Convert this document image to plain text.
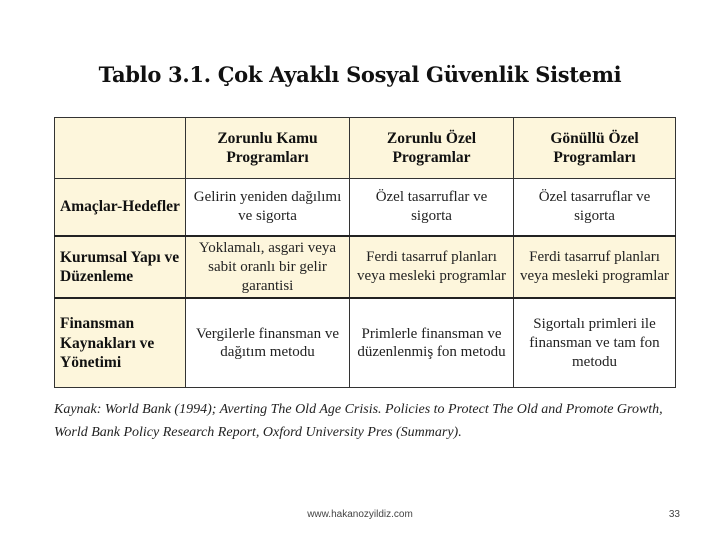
Tablo 3.1. Çok Ayaklı Sosyal Güvenlik Sistemi
	Zorunlu Kamu Programları	Zorunlu Özel Programlar	Gönüllü Özel Programları
Amaçlar-Hedefler	Gelirin yeniden dağılımı ve sigorta	Özel tasarruflar ve sigorta	Özel tasarruflar ve sigorta
Kurumsal Yapı ve Düzenleme	Yoklamalı, asgari veya sabit oranlı bir gelir garantisi	Ferdi tasarruf planları veya mesleki programlar	Ferdi tasarruf planları veya mesleki programlar
Finansman Kaynakları ve Yönetimi	Vergilerle finansman ve dağıtım metodu	Primlerle finansman ve düzenlenmiş fon metodu	Sigortalı primleri ile finansman ve tam fon metodu
Kaynak: World Bank (1994); Averting The Old Age Crisis. Policies to Protect The Old and Promote Growth, World Bank Policy Research Report, Oxford University Pres (Summary).
www.hakanozyildiz.com	33
